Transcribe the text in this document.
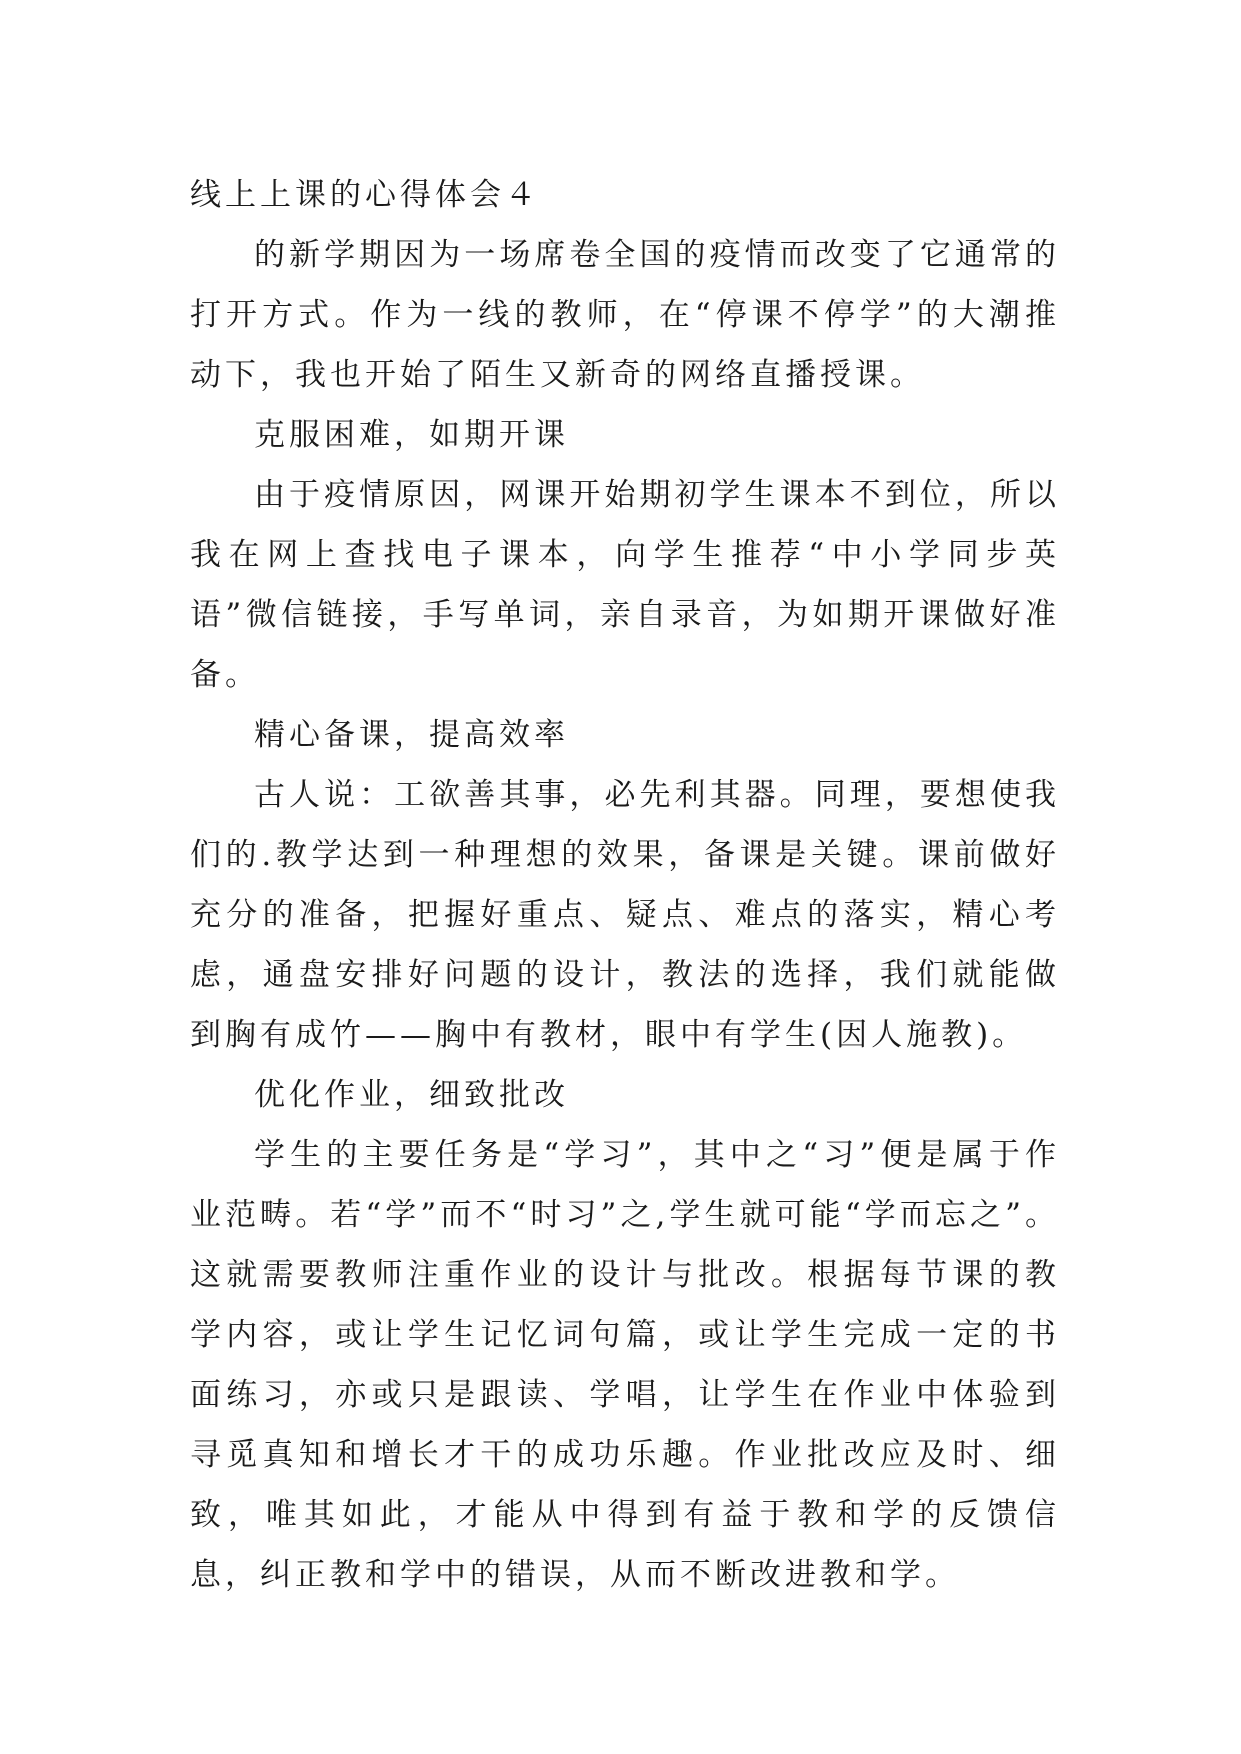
线上上课的心得体会４

的新学期因为一场席卷全国的疫情而改变了它通常的打开方式。作为一线的教师，在“停课不停学”的大潮推动下，我也开始了陌生又新奇的网络直播授课。

克服困难，如期开课

由于疫情原因，网课开始期初学生课本不到位，所以我在网上查找电子课本，向学生推荐“中小学同步英语”微信链接，手写单词，亲自录音，为如期开课做好准备。

精心备课，提高效率

古人说：工欲善其事，必先利其器。同理，要想使我们的.教学达到一种理想的效果，备课是关键。课前做好充分的准备，把握好重点、疑点、难点的落实，精心考虑，通盘安排好问题的设计，教法的选择，我们就能做到胸有成竹——胸中有教材，眼中有学生(因人施教)。

优化作业，细致批改

学生的主要任务是“学习”，其中之“习”便是属于作业范畴。若“学”而不“时习”之,学生就可能“学而忘之”。这就需要教师注重作业的设计与批改。根据每节课的教学内容，或让学生记忆词句篇，或让学生完成一定的书面练习，亦或只是跟读、学唱，让学生在作业中体验到寻觅真知和增长才干的成功乐趣。作业批改应及时、细致，唯其如此，才能从中得到有益于教和学的反馈信息，纠正教和学中的错误，从而不断改进教和学。
